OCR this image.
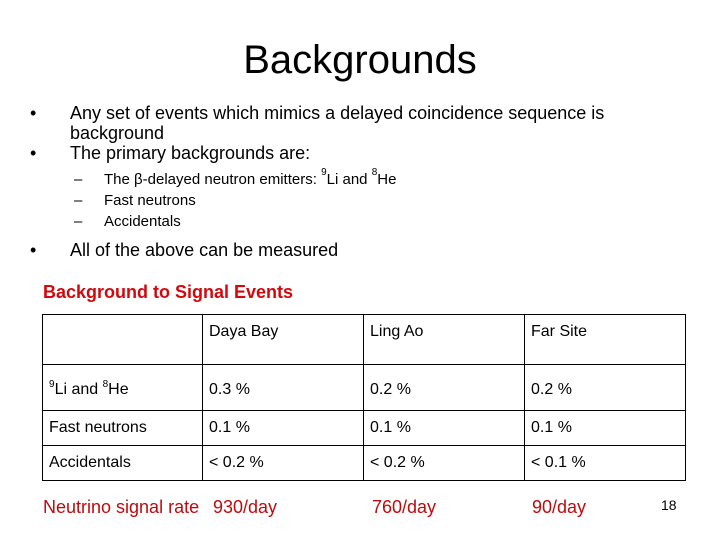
Backgrounds
• Any set of events which mimics a delayed coincidence sequence is background
• The primary backgrounds are:
– The β-delayed neutron emitters: $^9$Li and $^8$He
– Fast neutrons
– Accidentals
• All of the above can be measured
Background to Signal Events
	Daya Bay	Ling Ao	Far Site
$^9$Li and $^8$He	0.3 %	0.2 %	0.2 %
Fast neutrons	0.1 %	0.1 %	0.1 %
Accidentals	< 0.2 %	< 0.2 %	< 0.1 %
Neutrino signal rate 930/day	760/day	90/day	18
